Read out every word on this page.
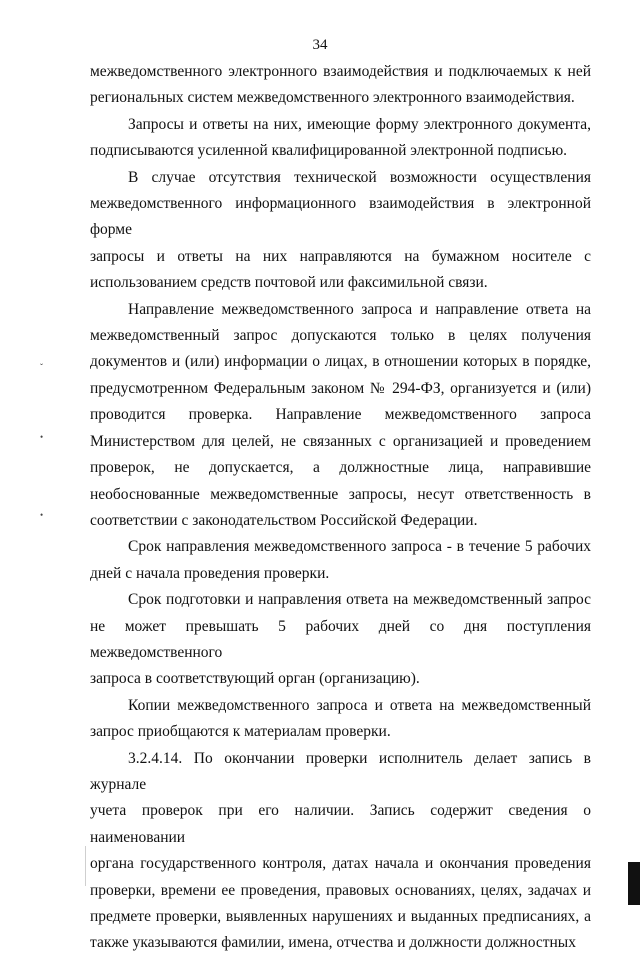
34
межведомственного электронного взаимодействия и подключаемых к ней
региональных систем межведомственного электронного взаимодействия.
Запросы и ответы на них, имеющие форму электронного документа,
подписываются усиленной квалифицированной электронной подписью.
В случае отсутствия технической возможности осуществления
межведомственного информационного взаимодействия в электронной форме
запросы и ответы на них направляются на бумажном носителе с
использованием средств почтовой или факсимильной связи.
Направление межведомственного запроса и направление ответа на
межведомственный запрос допускаются только в целях получения
документов и (или) информации о лицах, в отношении которых в порядке,
предусмотренном Федеральным законом № 294-ФЗ, организуется и (или)
проводится проверка. Направление межведомственного запроса
Министерством для целей, не связанных с организацией и проведением
проверок, не допускается, а должностные лица, направившие
необоснованные межведомственные запросы, несут ответственность в
соответствии с законодательством Российской Федерации.
Срок направления межведомственного запроса - в течение 5 рабочих
дней с начала проведения проверки.
Срок подготовки и направления ответа на межведомственный запрос
не может превышать 5 рабочих дней со дня поступления межведомственного
запроса в соответствующий орган (организацию).
Копии межведомственного запроса и ответа на межведомственный
запрос приобщаются к материалам проверки.
3.2.4.14. По окончании проверки исполнитель делает запись в журнале
учета проверок при его наличии. Запись содержит сведения о наименовании
органа государственного контроля, датах начала и окончания проведения
проверки, времени ее проведения, правовых основаниях, целях, задачах и
предмете проверки, выявленных нарушениях и выданных предписаниях, а
также указываются фамилии, имена, отчества и должности должностных
ˇ
•
•
